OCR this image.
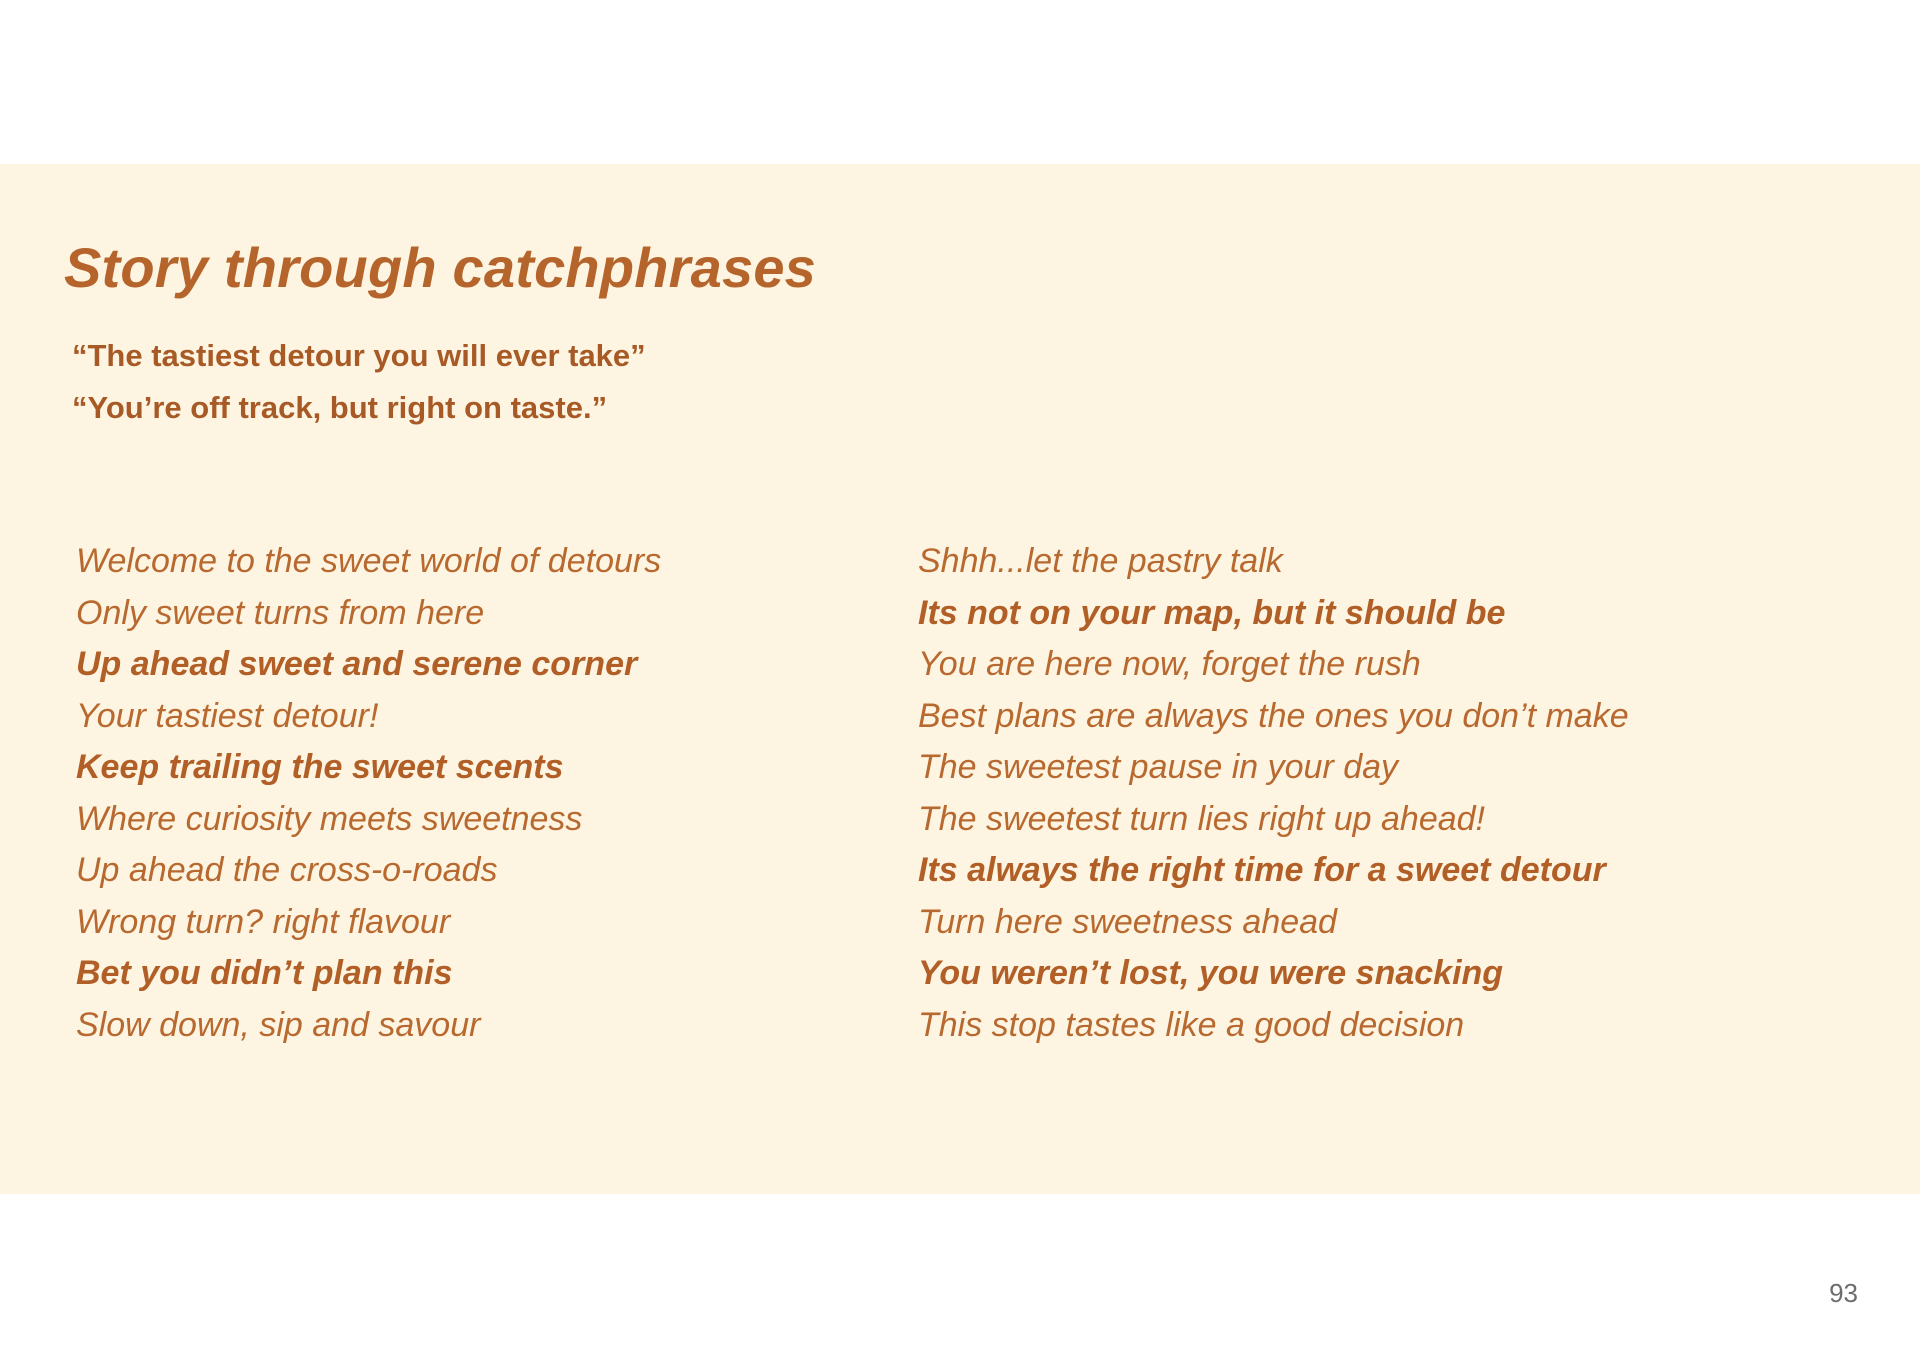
Story through catchphrases
“The tastiest detour you will ever take”
“You’re off track, but right on taste.”
Welcome to the sweet world of detours
Only sweet turns from here
Up ahead sweet and serene corner
Your tastiest detour!
Keep trailing the sweet scents
Where curiosity meets sweetness
Up ahead the cross-o-roads
Wrong turn? right flavour
Bet you didn’t plan this
Slow down, sip and savour
Shhh...let the pastry talk
Its not on your map, but it should be
You are here now, forget the rush
Best plans are always the ones you don’t make
The sweetest pause in your day
The sweetest turn lies right up ahead!
Its always the right time for a sweet detour
Turn here sweetness ahead
You weren’t lost, you were snacking
This stop tastes like a good decision
93
